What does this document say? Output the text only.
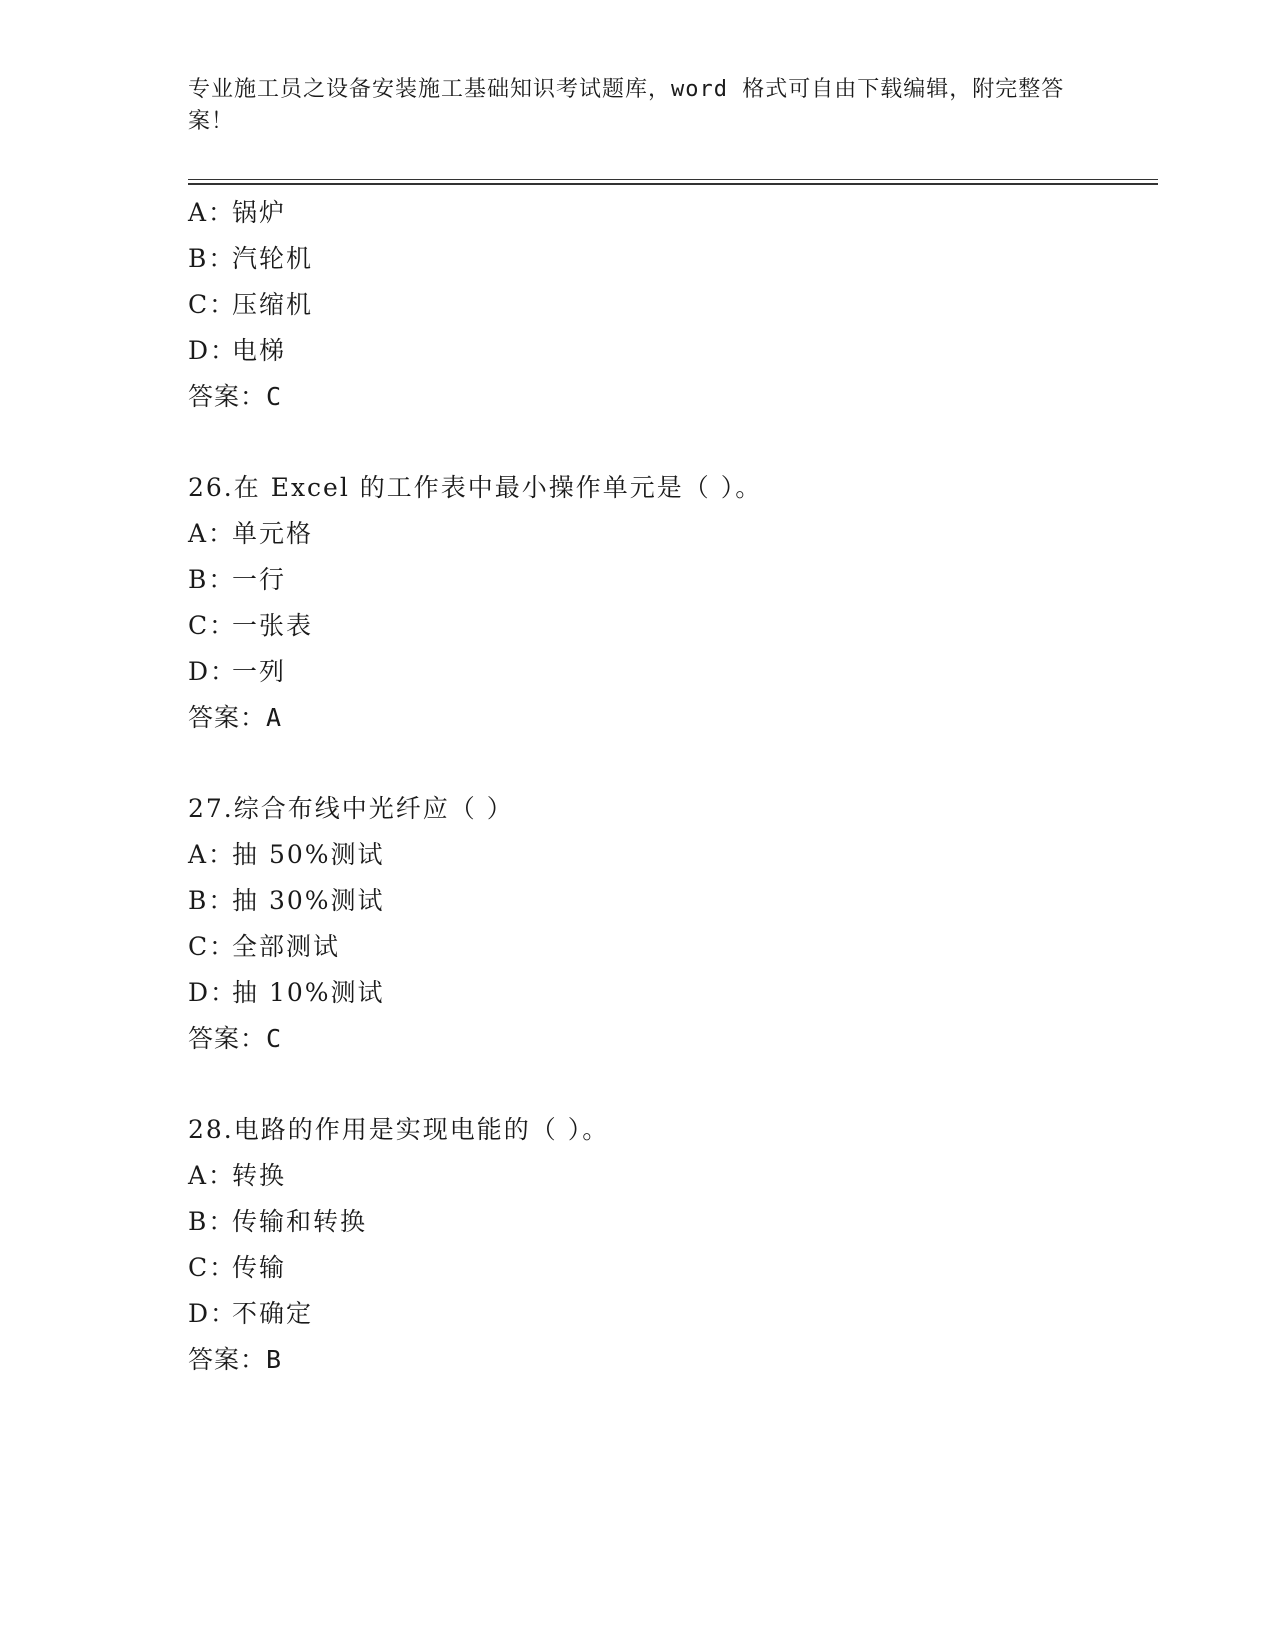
专业施工员之设备安装施工基础知识考试题库，word 格式可自由下载编辑，附完整答案！
A：锅炉
B：汽轮机
C：压缩机
D：电梯
答案：C
26.在 Excel 的工作表中最小操作单元是（ ）。
A：单元格
B：一行
C：一张表
D：一列
答案：A
27.综合布线中光纤应（ ）
A：抽 50%测试
B：抽 30%测试
C：全部测试
D：抽 10%测试
答案：C
28.电路的作用是实现电能的（ ）。
A：转换
B：传输和转换
C：传输
D：不确定
答案：B
